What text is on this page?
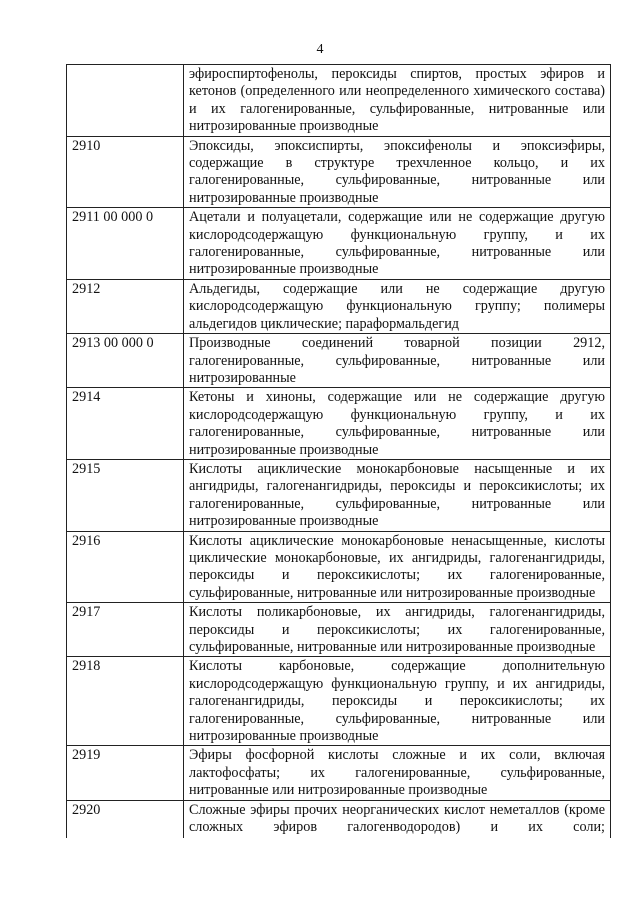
4
	эфироспиртофенолы, пероксиды спиртов, простых эфиров и кетонов (определенного или неопределенного химического состава) и их галогенированные, сульфированные, нитрованные или нитрозированные производные
2910	Эпоксиды, эпоксиспирты, эпоксифенолы и эпоксиэфиры, содержащие в структуре трехчленное кольцо, и их галогенированные, сульфированные, нитрованные или нитрозированные производные
2911 00 000 0	Ацетали и полуацетали, содержащие или не содержащие другую кислородсодержащую функциональную группу, и их галогенированные, сульфированные, нитрованные или нитрозированные производные
2912	Альдегиды, содержащие или не содержащие другую кислородсодержащую функциональную группу; полимеры альдегидов циклические; параформальдегид
2913 00 000 0	Производные соединений товарной позиции 2912, галогенированные, сульфированные, нитрованные или нитрозированные
2914	Кетоны и хиноны, содержащие или не содержащие другую кислородсодержащую функциональную группу, и их галогенированные, сульфированные, нитрованные или нитрозированные производные
2915	Кислоты ациклические монокарбоновые насыщенные и их ангидриды, галогенангидриды, пероксиды и пероксикислоты; их галогенированные, сульфированные, нитрованные или нитрозированные производные
2916	Кислоты ациклические монокарбоновые ненасыщенные, кислоты циклические монокарбоновые, их ангидриды, галогенангидриды, пероксиды и пероксикислоты; их галогенированные, сульфированные, нитрованные или нитрозированные производные
2917	Кислоты поликарбоновые, их ангидриды, галогенангидриды, пероксиды и пероксикислоты; их галогенированные, сульфированные, нитрованные или нитрозированные производные
2918	Кислоты карбоновые, содержащие дополнительную кислородсодержащую функциональную группу, и их ангидриды, галогенангидриды, пероксиды и пероксикислоты; их галогенированные, сульфированные, нитрованные или нитрозированные производные
2919	Эфиры фосфорной кислоты сложные и их соли, включая лактофосфаты; их галогенированные, сульфированные, нитрованные или нитрозированные производные
2920	Сложные эфиры прочих неорганических кислот неметаллов (кроме сложных эфиров галогенводородов) и их соли;
